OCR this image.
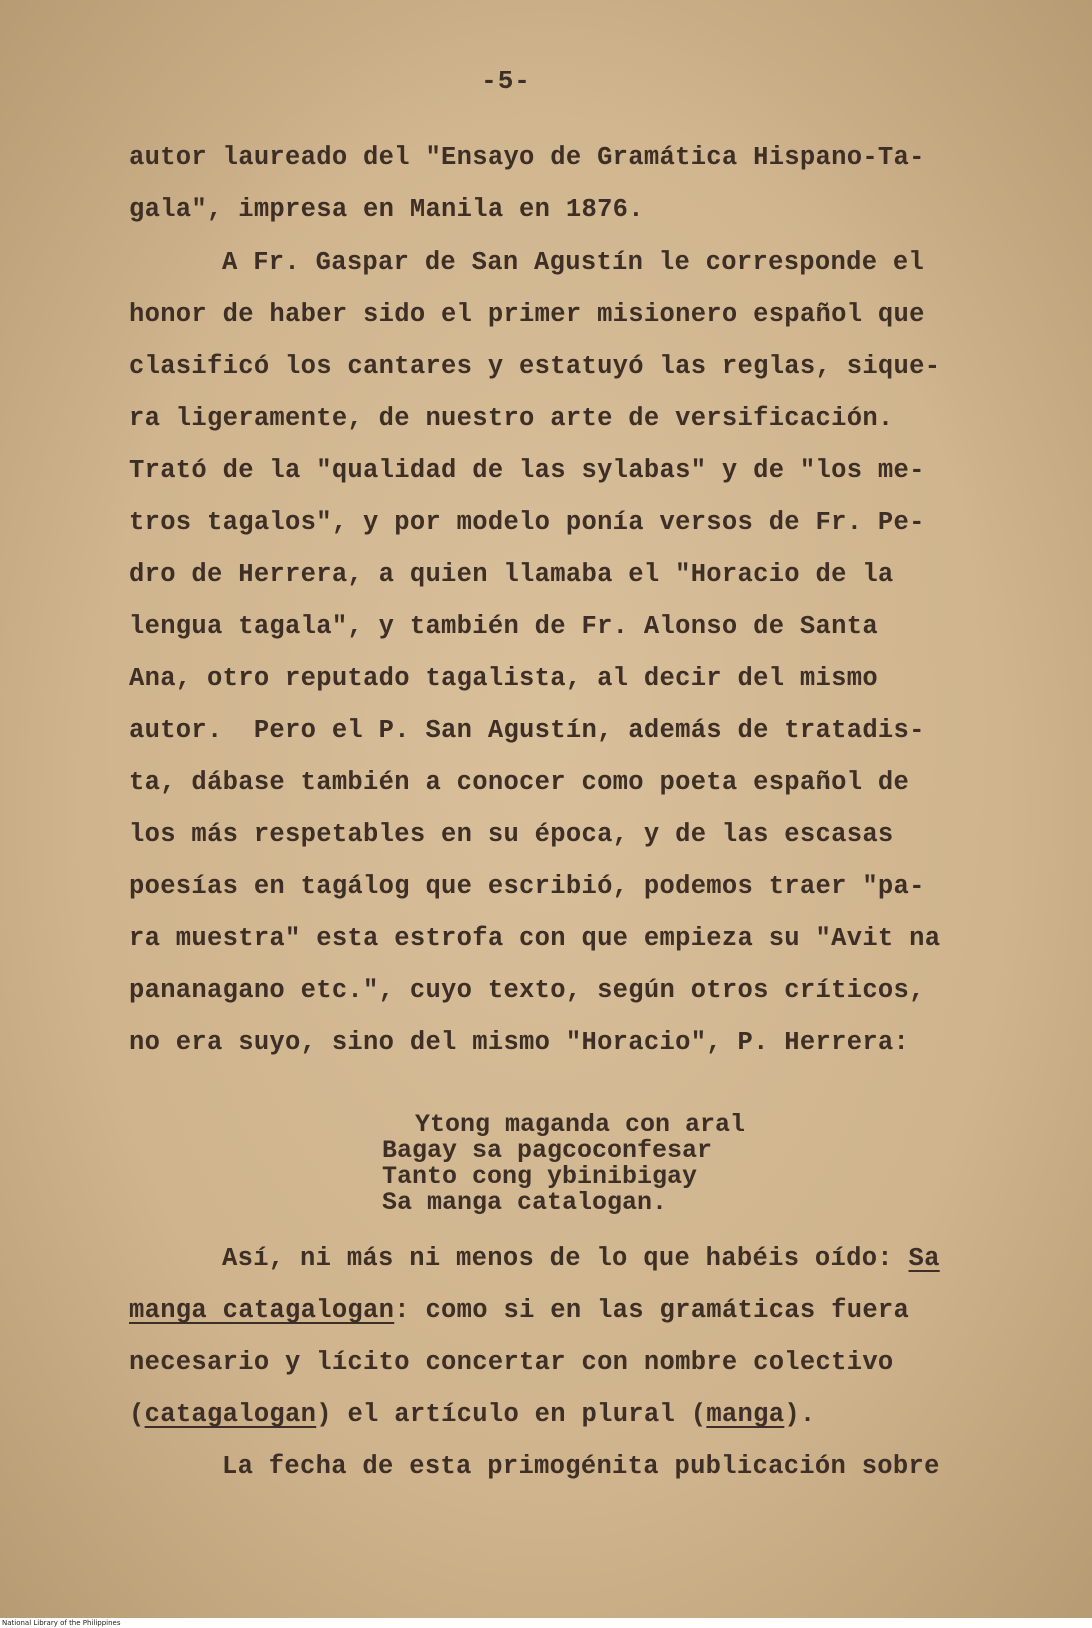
-5-
autor laureado del "Ensayo de Gramática Hispano-Ta-
gala", impresa en Manila en 1876.
A Fr. Gaspar de San Agustín le corresponde el
honor de haber sido el primer misionero español que
clasificó los cantares y estatuyó las reglas, sique-
ra ligeramente, de nuestro arte de versificación.
Trató de la "qualidad de las sylabas" y de "los me-
tros tagalos", y por modelo ponía versos de Fr. Pe-
dro de Herrera, a quien llamaba el "Horacio de la
lengua tagala", y también de Fr. Alonso de Santa
Ana, otro reputado tagalista, al decir del mismo
autor.  Pero el P. San Agustín, además de tratadis-
ta, dábase también a conocer como poeta español de
los más respetables en su época, y de las escasas
poesías en tagálog que escribió, podemos traer "pa-
ra muestra" esta estrofa con que empieza su "Avit na
pananagano etc.", cuyo texto, según otros críticos,
no era suyo, sino del mismo "Horacio", P. Herrera:
Ytong maganda con aral
Bagay sa pagcoconfesar
Tanto cong ybinibigay
Sa manga catalogan.
Así, ni más ni menos de lo que habéis oído: Sa
manga catagalogan: como si en las gramáticas fuera
necesario y lícito concertar con nombre colectivo
(catagalogan) el artículo en plural (manga).
La fecha de esta primogénita publicación sobre
National Library of the Philippines
